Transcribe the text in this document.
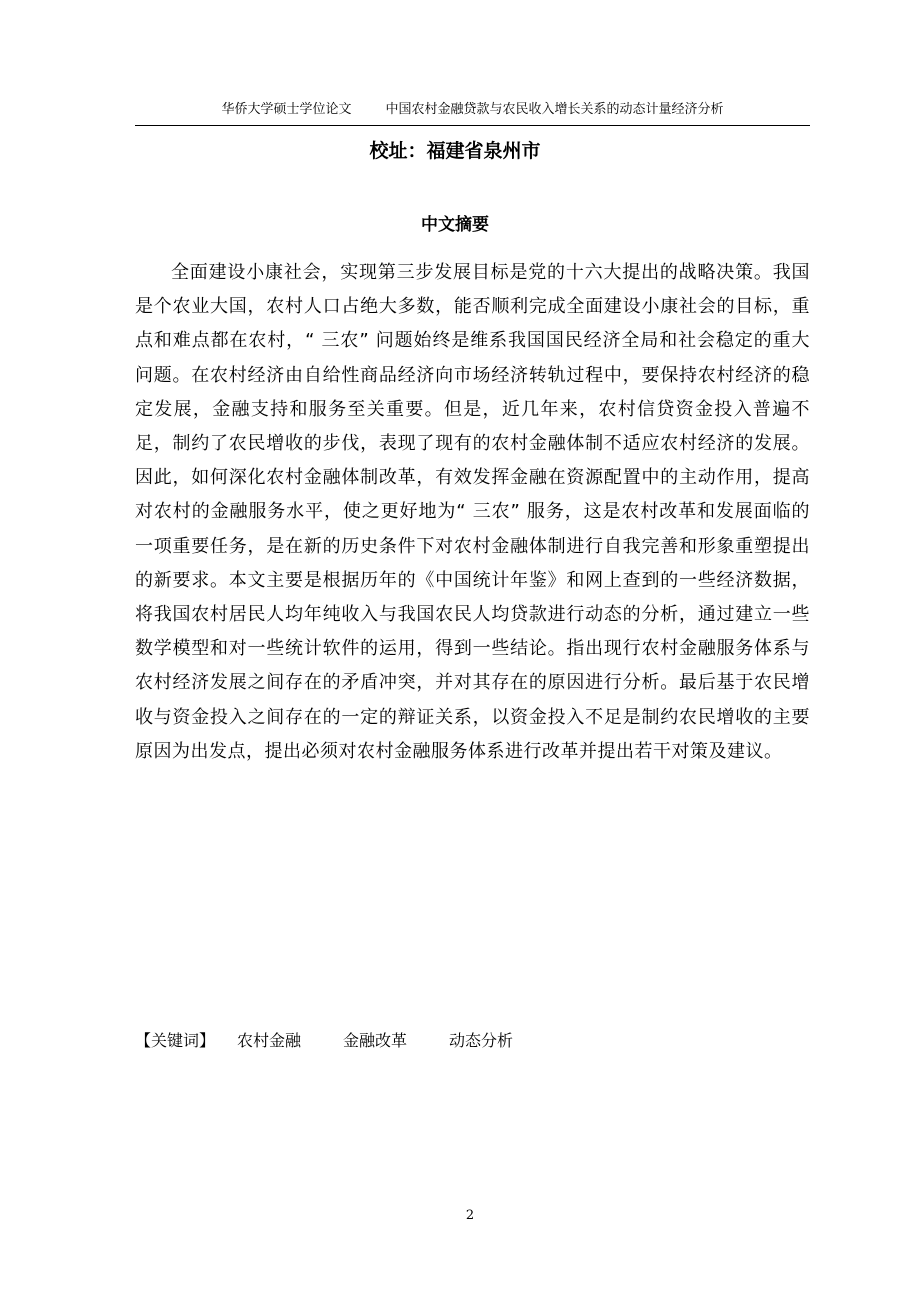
华侨大学硕士学位论文	中国农村金融贷款与农民收入增长关系的动态计量经济分析
校址：福建省泉州市
中文摘要

全面建设小康社会，实现第三步发展目标是党的十六大提出的战略决策。我国是个农业大国，农村人口占绝大多数，能否顺利完成全面建设小康社会的目标，重点和难点都在农村，“ 三农” 问题始终是维系我国国民经济全局和社会稳定的重大问题。在农村经济由自给性商品经济向市场经济转轨过程中，要保持农村经济的稳定发展，金融支持和服务至关重要。但是，近几年来，农村信贷资金投入普遍不足，制约了农民增收的步伐，表现了现有的农村金融体制不适应农村经济的发展。因此，如何深化农村金融体制改革，有效发挥金融在资源配置中的主动作用，提高对农村的金融服务水平，使之更好地为“ 三农” 服务，这是农村改革和发展面临的一项重要任务，是在新的历史条件下对农村金融体制进行自我完善和形象重塑提出的新要求。本文主要是根据历年的《中国统计年鉴》和网上查到的一些经济数据，将我国农村居民人均年纯收入与我国农民人均贷款进行动态的分析，通过建立一些数学模型和对一些统计软件的运用，得到一些结论。指出现行农村金融服务体系与农村经济发展之间存在的矛盾冲突，并对其存在的原因进行分析。最后基于农民增收与资金投入之间存在的一定的辩证关系，以资金投入不足是制约农民增收的主要原因为出发点，提出必须对农村金融服务体系进行改革并提出若干对策及建议。

【关键词】 农村金融	金融改革	动态分析
2
